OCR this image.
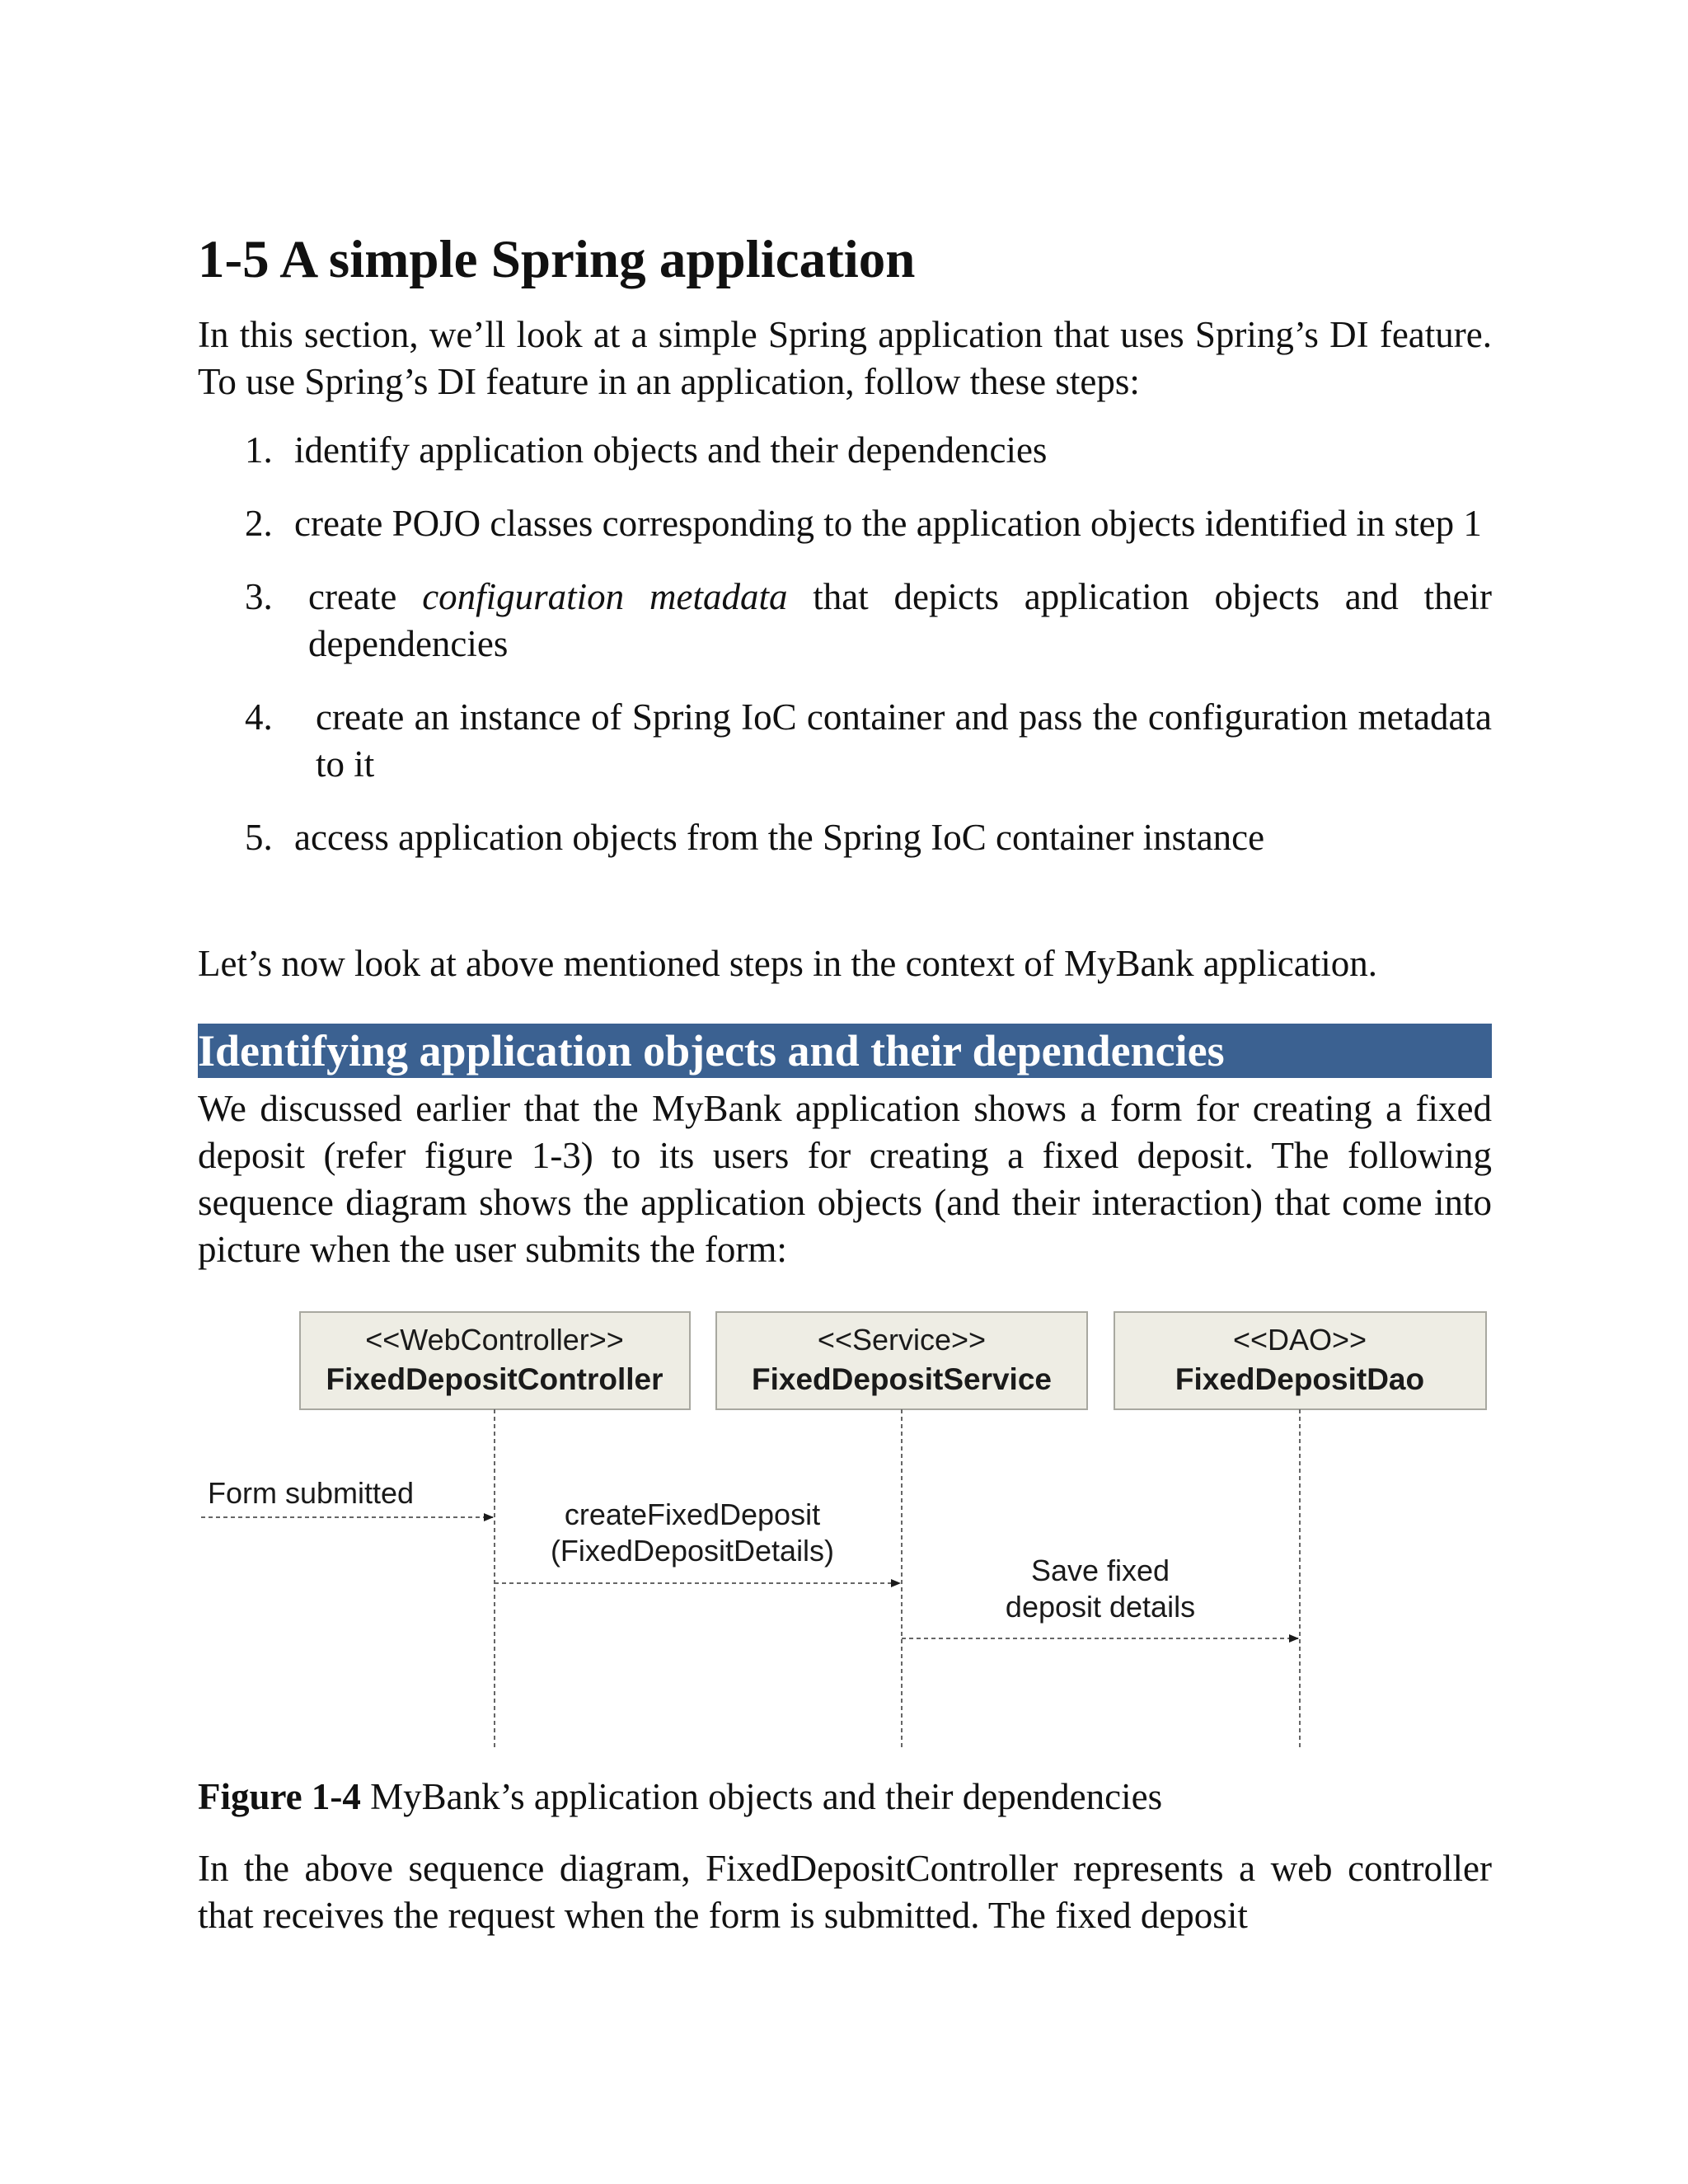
1-5 A simple Spring application

In this section, we’ll look at a simple Spring application that uses Spring’s DI feature. To use Spring’s DI feature in an application, follow these steps:

1. identify application objects and their dependencies
2. create POJO classes corresponding to the application objects identified in step 1
3. create configuration metadata that depicts application objects and their dependencies
4. create an instance of Spring IoC container and pass the configuration metadata to it
5. access application objects from the Spring IoC container instance

Let’s now look at above mentioned steps in the context of MyBank application.

Identifying application objects and their dependencies

We discussed earlier that the MyBank application shows a form for creating a fixed deposit (refer figure 1-3) to its users for creating a fixed deposit. The following sequence diagram shows the application objects (and their interaction) that come into picture when the user submits the form:

<<WebController>>
FixedDepositController
<<Service>>
FixedDepositService
<<DAO>>
FixedDepositDao
Form submitted
createFixedDeposit
(FixedDepositDetails)
Save fixed
deposit details

Figure 1-4 MyBank’s application objects and their dependencies

In the above sequence diagram, FixedDepositController represents a web controller that receives the request when the form is submitted. The fixed deposit
